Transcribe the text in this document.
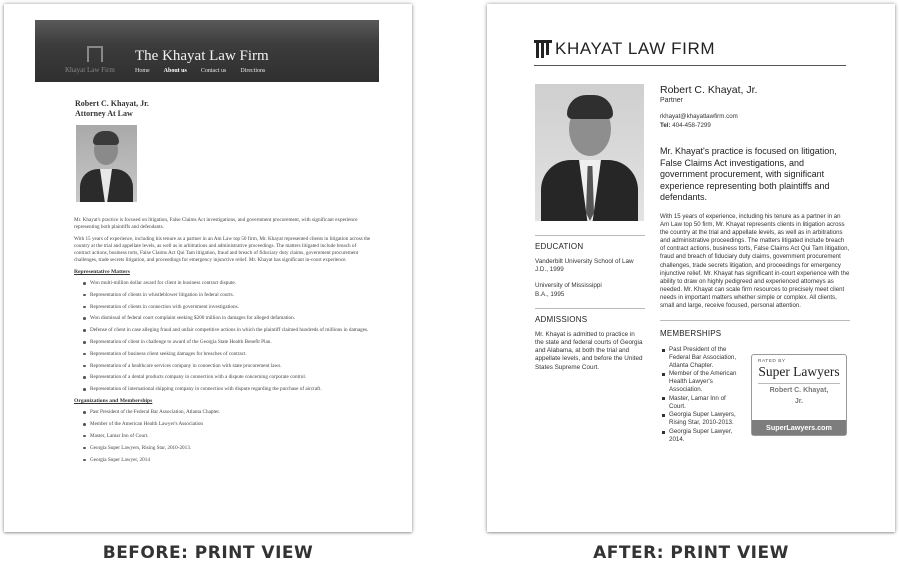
Khayat Law Firm
The Khayat Law Firm
Home About us Contact us Directions
Robert C. Khayat, Jr.
Attorney At Law

Mr. Khayat's practice is focused on litigation, False Claims Act investigations, and government procurement, with significant experience representing both plaintiffs and defendants.

With 15 years of experience, including his tenure as a partner in an Am Law top 50 firm, Mr. Khayat represented clients in litigation across the country at the trial and appellate levels, as well as in arbitrations and administrative proceedings. The matters litigated include breach of contract actions, business torts, False Claims Act Qui Tam litigation, fraud and breach of fiduciary duty claims, government procurement challenges, trade secrets litigation, and proceedings for emergency injunctive relief. Mr. Khayat has significant in-court experience.

Representative Matters
Won multi-million dollar award for client in business contract dispute.
Representation of clients in whistleblower litigation in federal courts.
Representation of clients in connection with government investigations.
Won dismissal of federal court complaint seeking $200 million in damages for alleged defamation.
Defense of client in case alleging fraud and unfair competitive actions in which the plaintiff claimed hundreds of millions in damages.
Representation of client in challenge to award of the Georgia State Health Benefit Plan.
Representation of business client seeking damages for breaches of contract.
Representation of a healthcare services company in connection with state procurement laws.
Representation of a dental products company in connection with a dispute concerning corporate control.
Representation of international shipping company in connection with dispute regarding the purchase of aircraft.
Organizations and Memberships
Past President of the Federal Bar Association, Atlanta Chapter.
Member of the American Health Lawyer's Association
Master, Lamar Inn of Court.
Georgia Super Lawyers, Rising Star, 2010-2013.
Georgia Super Lawyer, 2014
KHAYAT LAW FIRM
EDUCATION
Vanderbilt University School of Law
J.D., 1999
University of Mississippi
B.A., 1995
ADMISSIONS
Mr. Khayat is admitted to practice in the state and federal courts of Georgia and Alabama, at both the trial and appellate levels, and before the United States Supreme Court.
Robert C. Khayat, Jr.
Partner
rkhayat@khayatlawfirm.com
Tel: 404-458-7299
Mr. Khayat's practice is focused on litigation, False Claims Act investigations, and government procurement, with significant experience representing both plaintiffs and defendants.
With 15 years of experience, including his tenure as a partner in an Am Law top 50 firm, Mr. Khayat represents clients in litigation across the country at the trial and appellate levels, as well as in arbitrations and administrative proceedings. The matters litigated include breach of contract actions, business torts, False Claims Act Qui Tam litigation, fraud and breach of fiduciary duty claims, government procurement challenges, trade secrets litigation, and proceedings for emergency injunctive relief. Mr. Khayat has significant in-court experience with the ability to draw on highly pedigreed and experienced attorneys as needed. Mr. Khayat can scale firm resources to precisely meet client needs in important matters whether simple or complex. All clients, small and large, receive focused, personal attention.
MEMBERSHIPS
Past President of the Federal Bar Association, Atlanta Chapter.
Member of the American Health Lawyer's Association.
Master, Lamar Inn of Court.
Georgia Super Lawyers, Rising Star, 2010-2013.
Georgia Super Lawyer, 2014.
RATED BY
Super Lawyers
Robert C. Khayat,
Jr.
SuperLawyers.com
BEFORE: PRINT VIEW	AFTER: PRINT VIEW
